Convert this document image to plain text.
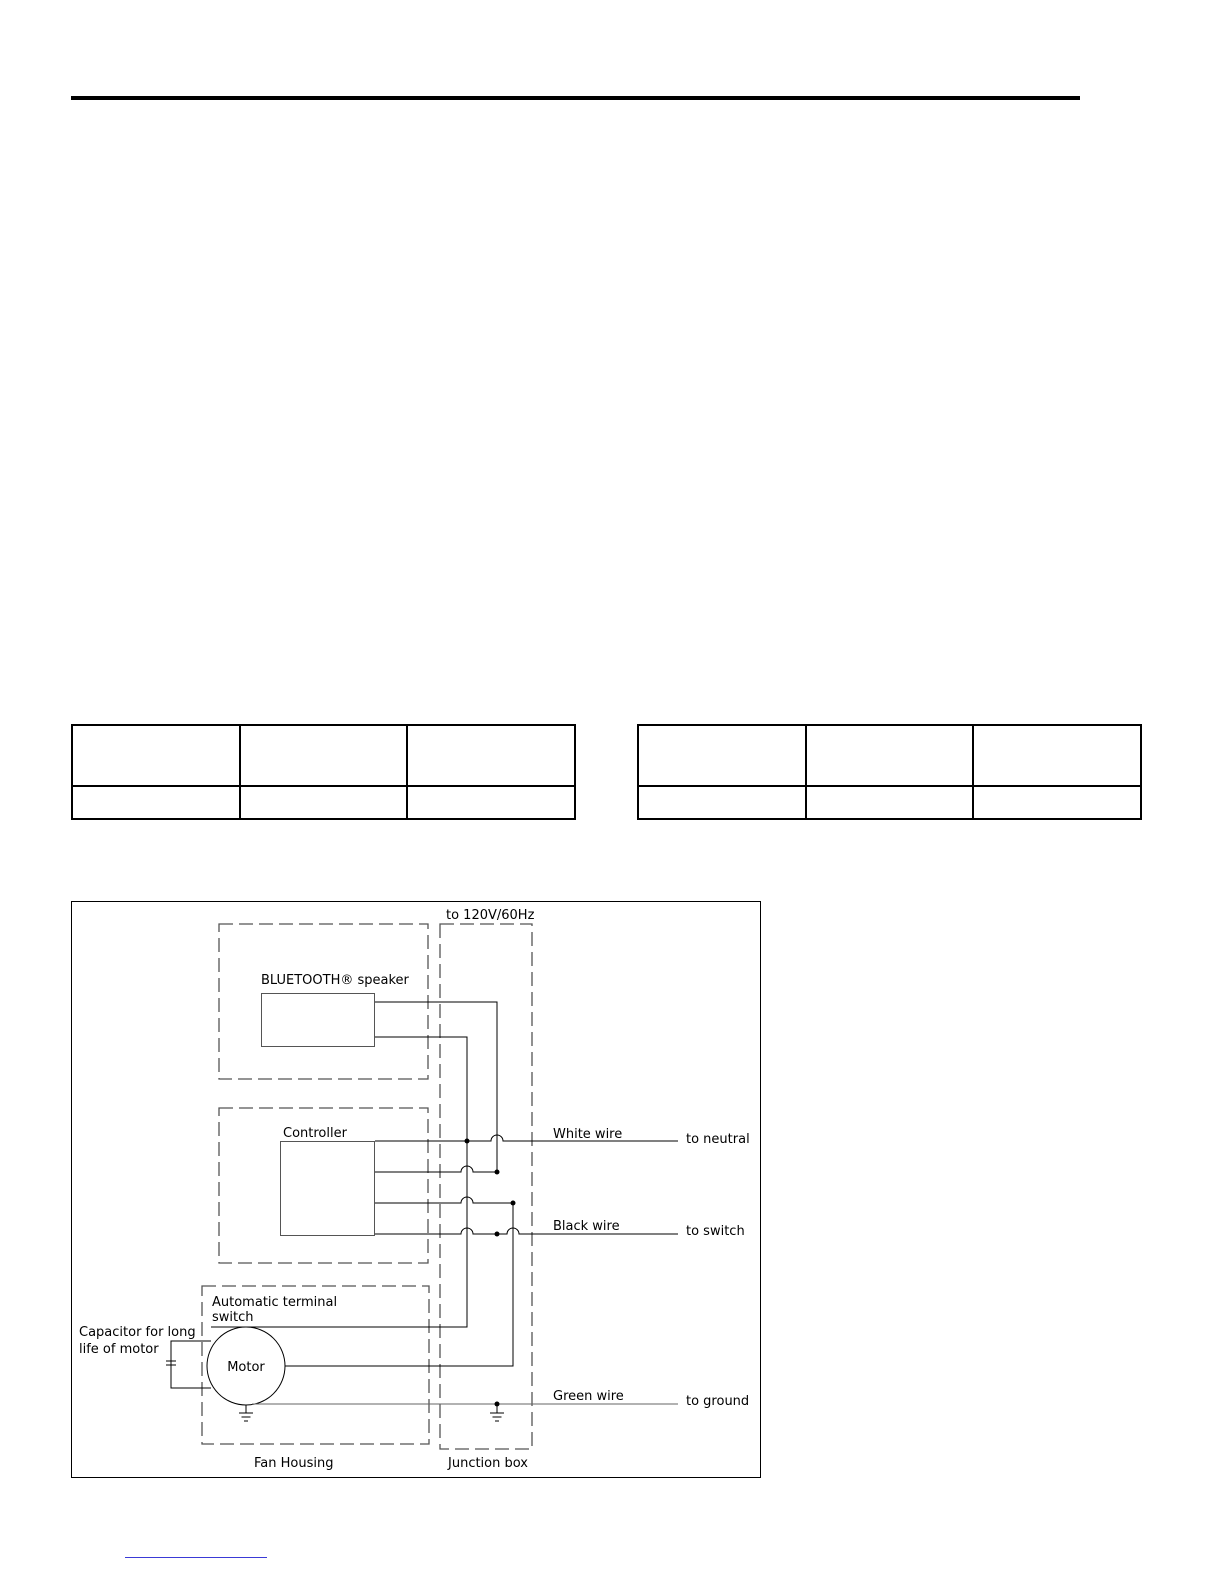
to 120V/60Hz
BLUETOOTH® speaker
Controller
Automatic terminal
switch
Capacitor for long
life of motor
Motor
White wire	to neutral
Black wire	to switch
Green wire	to ground
Fan Housing	Junction box
